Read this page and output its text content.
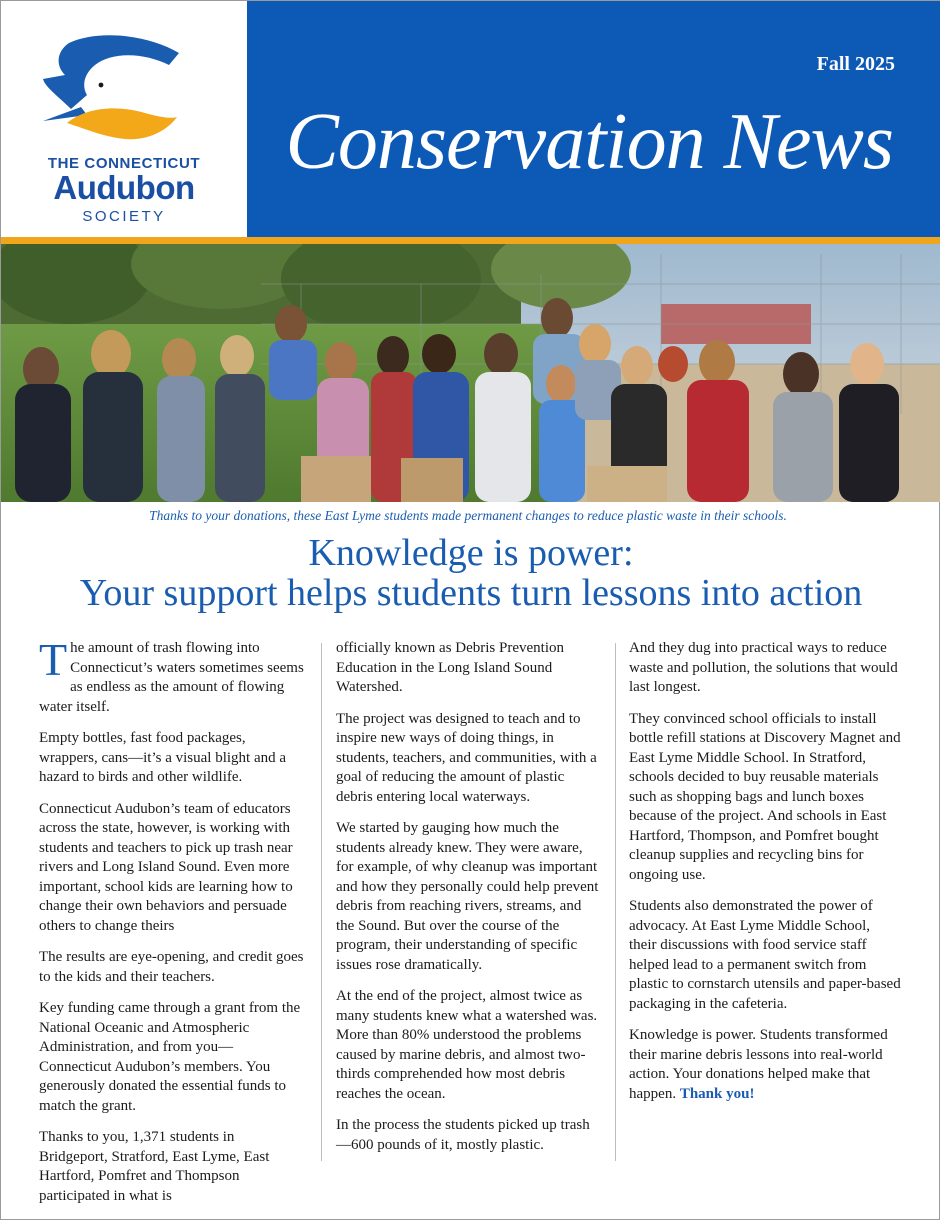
THE CONNECTICUT
Audubon
SOCIETY
Fall 2025
Conservation News
Thanks to your donations, these East Lyme students made permanent changes to reduce plastic waste in their schools.
Knowledge is power:
Your support helps students turn lessons into action

The amount of trash flowing into Connecticut’s waters sometimes seems as endless as the amount of flowing water itself.

Empty bottles, fast food packages, wrappers, cans—it’s a visual blight and a hazard to birds and other wildlife.

Connecticut Audubon’s team of educators across the state, however, is working with students and teachers to pick up trash near rivers and Long Island Sound. Even more important, school kids are learning how to change their own behaviors and persuade others to change theirs

The results are eye-opening, and credit goes to the kids and their teachers.

Key funding came through a grant from the National Oceanic and Atmospheric Administration, and from you—Connecticut Audubon’s members. You generously donated the essential funds to match the grant.

Thanks to you, 1,371 students in Bridgeport, Stratford, East Lyme, East Hartford, Pomfret and Thompson participated in what is

officially known as Debris Prevention Education in the Long Island Sound Watershed.

The project was designed to teach and to inspire new ways of doing things, in students, teachers, and communities, with a goal of reducing the amount of plastic debris entering local waterways.

We started by gauging how much the students already knew. They were aware, for example, of why cleanup was important and how they personally could help prevent debris from reaching rivers, streams, and the Sound. But over the course of the program, their understanding of specific issues rose dramatically.

At the end of the project, almost twice as many students knew what a watershed was. More than 80% understood the problems caused by marine debris, and almost two-thirds comprehended how most debris reaches the ocean.

In the process the students picked up trash—600 pounds of it, mostly plastic.

And they dug into practical ways to reduce waste and pollution, the solutions that would last longest.

They convinced school officials to install bottle refill stations at Discovery Magnet and East Lyme Middle School. In Stratford, schools decided to buy reusable materials such as shopping bags and lunch boxes because of the project. And schools in East Hartford, Thompson, and Pomfret bought cleanup supplies and recycling bins for ongoing use.

Students also demonstrated the power of advocacy. At East Lyme Middle School, their discussions with food service staff helped lead to a permanent switch from plastic to cornstarch utensils and paper-based packaging in the cafeteria.

Knowledge is power. Students transformed their marine debris lessons into real-world action. Your donations helped make that happen. Thank you!
